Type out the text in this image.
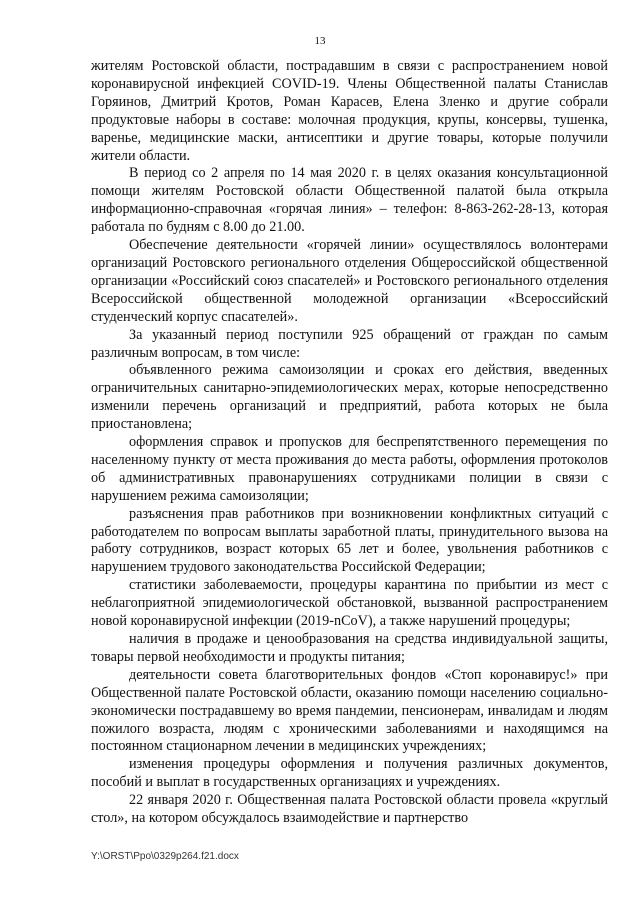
13

жителям Ростовской области, пострадавшим в связи с распространением новой коронавирусной инфекцией COVID-19. Члены Общественной палаты Станислав Горяинов, Дмитрий Кротов, Роман Карасев, Елена Зленко и другие собрали продуктовые наборы в составе: молочная продукция, крупы, консервы, тушенка, варенье, медицинские маски, антисептики и другие товары, которые получили жители области.

В период со 2 апреля по 14 мая 2020 г. в целях оказания консультационной помощи жителям Ростовской области Общественной палатой была открыла информационно-справочная «горячая линия» – телефон: 8-863-262-28-13, которая работала по будням с 8.00 до 21.00.

Обеспечение деятельности «горячей линии» осуществлялось волонтерами организаций Ростовского регионального отделения Общероссийской общественной организации «Российский союз спасателей» и Ростовского регионального отделения Всероссийской общественной молодежной организации «Всероссийский студенческий корпус спасателей».

За указанный период поступили 925 обращений от граждан по самым различным вопросам, в том числе:

объявленного режима самоизоляции и сроках его действия, введенных ограничительных санитарно-эпидемиологических мерах, которые непосредственно изменили перечень организаций и предприятий, работа которых не была приостановлена;

оформления справок и пропусков для беспрепятственного перемещения по населенному пункту от места проживания до места работы, оформления протоколов об административных правонарушениях сотрудниками полиции в связи с нарушением режима самоизоляции;

разъяснения прав работников при возникновении конфликтных ситуаций с работодателем по вопросам выплаты заработной платы, принудительного вызова на работу сотрудников, возраст которых 65 лет и более, увольнения работников с нарушением трудового законодательства Российской Федерации;

статистики заболеваемости, процедуры карантина по прибытии из мест с неблагоприятной эпидемиологической обстановкой, вызванной распространением новой коронавирусной инфекции (2019-nCoV), а также нарушений процедуры;

наличия в продаже и ценообразования на средства индивидуальной защиты, товары первой необходимости и продукты питания;

деятельности совета благотворительных фондов «Стоп коронавирус!» при Общественной палате Ростовской области, оказанию помощи населению социально-экономически пострадавшему во время пандемии, пенсионерам, инвалидам и людям пожилого возраста, людям с хроническими заболеваниями и находящимся на постоянном стационарном лечении в медицинских учреждениях;

изменения процедуры оформления и получения различных документов, пособий и выплат в государственных организациях и учреждениях.

22 января 2020 г. Общественная палата Ростовской области провела «круглый стол», на котором обсуждалось взаимодействие и партнерство

Y:\ORST\Ppo\0329p264.f21.docx
